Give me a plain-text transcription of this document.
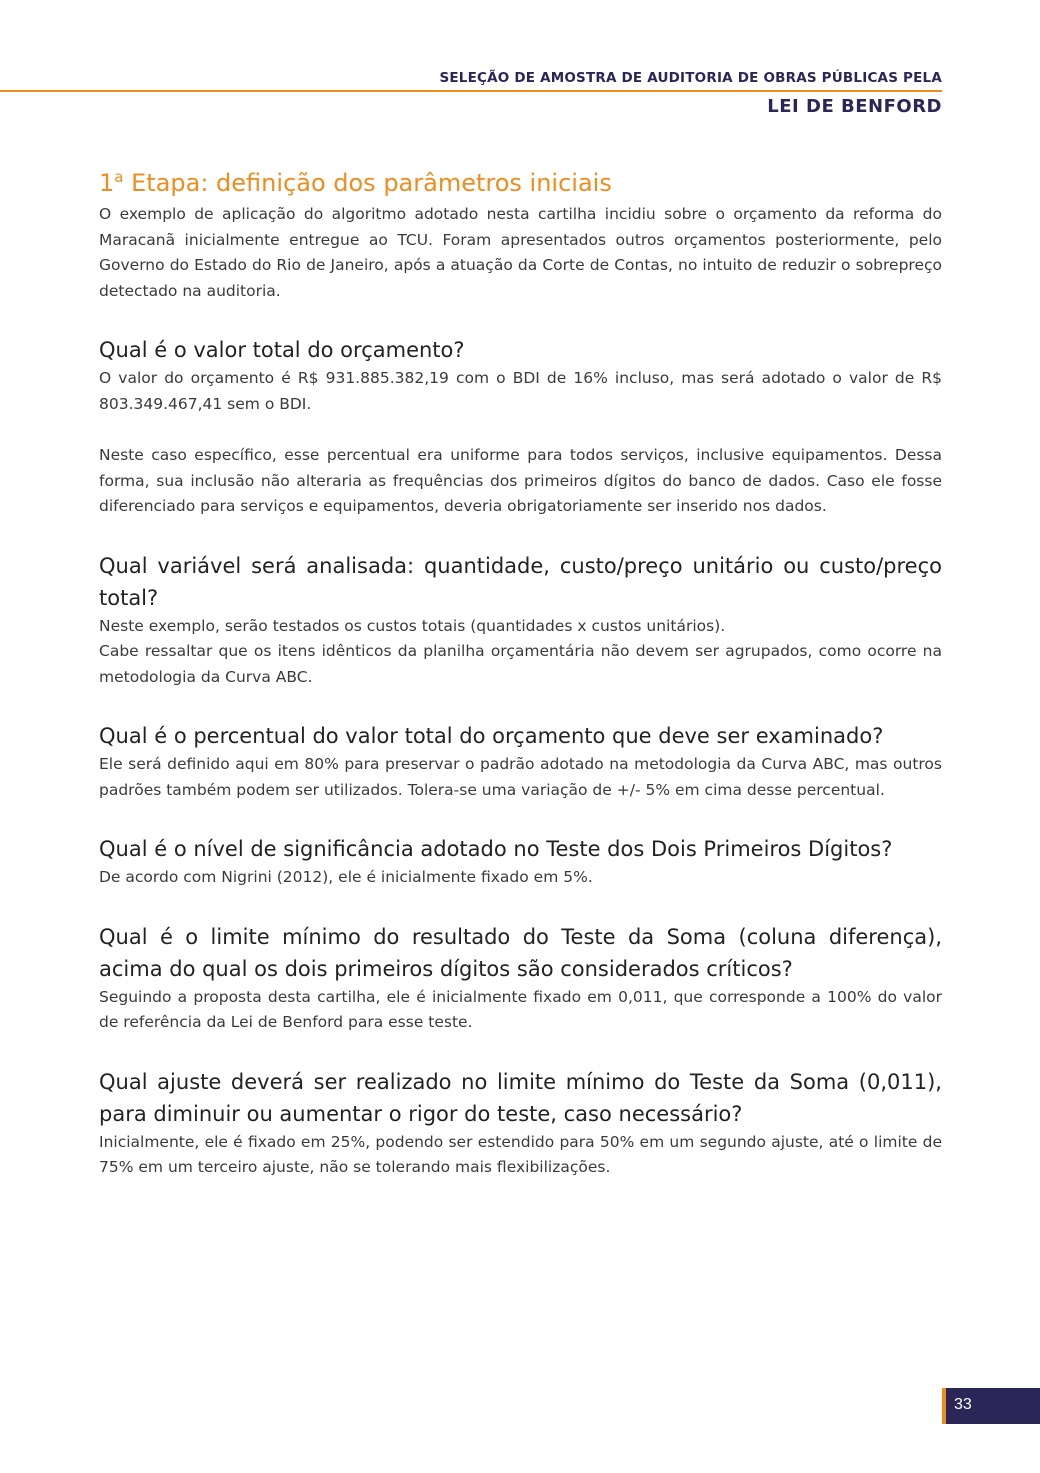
SELEÇÃO DE AMOSTRA DE AUDITORIA DE OBRAS PÚBLICAS PELA
LEI DE BENFORD
1$^a$ Etapa: definição dos parâmetros iniciais

O exemplo de aplicação do algoritmo adotado nesta cartilha incidiu sobre o orçamento da reforma do Maracanã inicialmente entregue ao TCU. Foram apresentados outros orçamentos posteriormente, pelo Governo do Estado do Rio de Janeiro, após a atuação da Corte de Contas, no intuito de reduzir o sobrepreço detectado na auditoria.

Qual é o valor total do orçamento?

O valor do orçamento é R$ 931.885.382,19 com o BDI de 16% incluso, mas será adotado o valor de R$ 803.349.467,41 sem o BDI.

Neste caso específico, esse percentual era uniforme para todos serviços, inclusive equipamentos. Dessa forma, sua inclusão não alteraria as frequências dos primeiros dígitos do banco de dados. Caso ele fosse diferenciado para serviços e equipamentos, deveria obrigatoriamente ser inserido nos dados.

Qual variável será analisada: quantidade, custo/preço unitário ou custo/preço total?

Neste exemplo, serão testados os custos totais (quantidades x custos unitários).

Cabe ressaltar que os itens idênticos da planilha orçamentária não devem ser agrupados, como ocorre na metodologia da Curva ABC.

Qual é o percentual do valor total do orçamento que deve ser examinado?

Ele será definido aqui em 80% para preservar o padrão adotado na metodologia da Curva ABC, mas outros padrões também podem ser utilizados. Tolera-se uma variação de +/- 5% em cima desse percentual.

Qual é o nível de significância adotado no Teste dos Dois Primeiros Dígitos?

De acordo com Nigrini (2012), ele é inicialmente fixado em 5%.

Qual é o limite mínimo do resultado do Teste da Soma (coluna diferença), acima do qual os dois primeiros dígitos são considerados críticos?

Seguindo a proposta desta cartilha, ele é inicialmente fixado em 0,011, que corresponde a 100% do valor de referência da Lei de Benford para esse teste.

Qual ajuste deverá ser realizado no limite mínimo do Teste da Soma (0,011), para diminuir ou aumentar o rigor do teste, caso necessário?

Inicialmente, ele é fixado em 25%, podendo ser estendido para 50% em um segundo ajuste, até o limite de 75% em um terceiro ajuste, não se tolerando mais flexibilizações.

33
